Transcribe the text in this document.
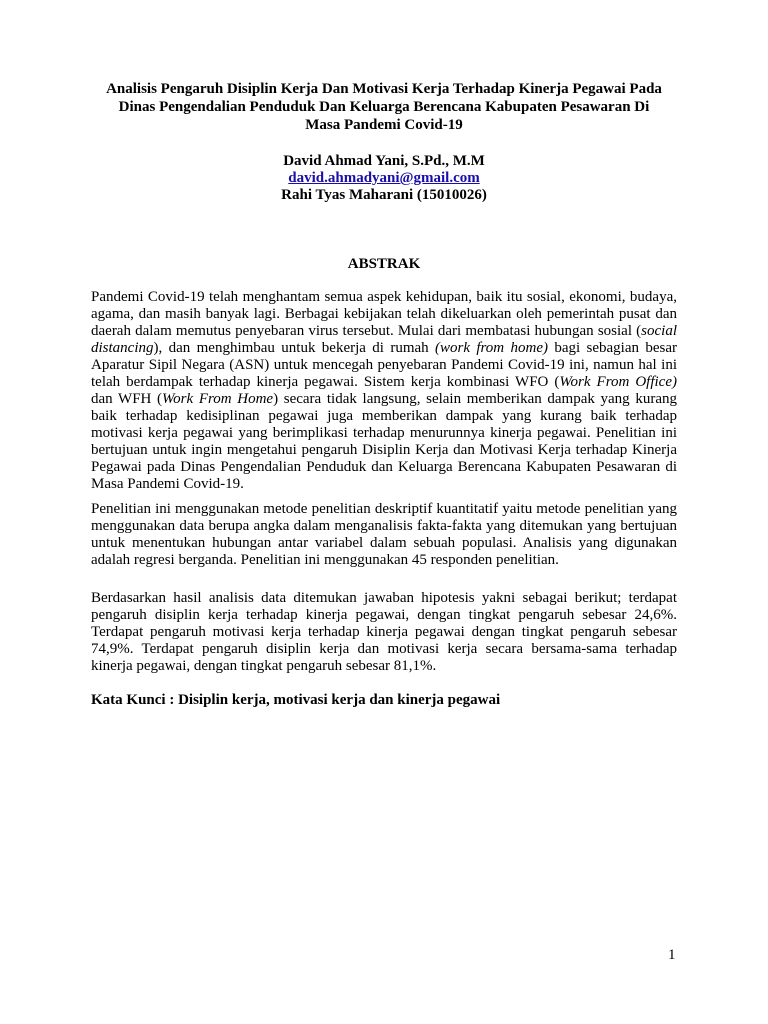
Analisis Pengaruh Disiplin Kerja Dan Motivasi Kerja Terhadap Kinerja Pegawai Pada
Dinas Pengendalian Penduduk Dan Keluarga Berencana Kabupaten Pesawaran Di
Masa Pandemi Covid-19
David Ahmad Yani, S.Pd., M.M
david.ahmadyani@gmail.com
Rahi Tyas Maharani (15010026)
ABSTRAK
Pandemi Covid-19 telah menghantam semua aspek kehidupan, baik itu sosial, ekonomi, budaya, agama, dan masih banyak lagi. Berbagai kebijakan telah dikeluarkan oleh pemerintah pusat dan daerah dalam memutus penyebaran virus tersebut. Mulai dari membatasi hubungan sosial (social distancing), dan menghimbau untuk bekerja di rumah (work from home) bagi sebagian besar Aparatur Sipil Negara (ASN) untuk mencegah penyebaran Pandemi Covid-19 ini, namun hal ini telah berdampak terhadap kinerja pegawai. Sistem kerja kombinasi WFO (Work From Office) dan WFH (Work From Home) secara tidak langsung, selain memberikan dampak yang kurang baik terhadap kedisiplinan pegawai juga memberikan dampak yang kurang baik terhadap motivasi kerja pegawai yang berimplikasi terhadap menurunnya kinerja pegawai. Penelitian ini bertujuan untuk ingin mengetahui pengaruh Disiplin Kerja dan Motivasi Kerja terhadap Kinerja Pegawai pada Dinas Pengendalian Penduduk dan Keluarga Berencana Kabupaten Pesawaran di Masa Pandemi Covid-19.
Penelitian ini menggunakan metode penelitian deskriptif kuantitatif yaitu metode penelitian yang menggunakan data berupa angka dalam menganalisis fakta-fakta yang ditemukan yang bertujuan untuk menentukan hubungan antar variabel dalam sebuah populasi. Analisis yang digunakan adalah regresi berganda. Penelitian ini menggunakan 45 responden penelitian.
Berdasarkan hasil analisis data ditemukan jawaban hipotesis yakni sebagai berikut; terdapat pengaruh disiplin kerja terhadap kinerja pegawai, dengan tingkat pengaruh sebesar 24,6%. Terdapat pengaruh motivasi kerja terhadap kinerja pegawai dengan tingkat pengaruh sebesar 74,9%. Terdapat pengaruh disiplin kerja dan motivasi kerja secara bersama-sama terhadap kinerja pegawai, dengan tingkat pengaruh sebesar 81,1%.
Kata Kunci : Disiplin kerja, motivasi kerja dan kinerja pegawai
1
